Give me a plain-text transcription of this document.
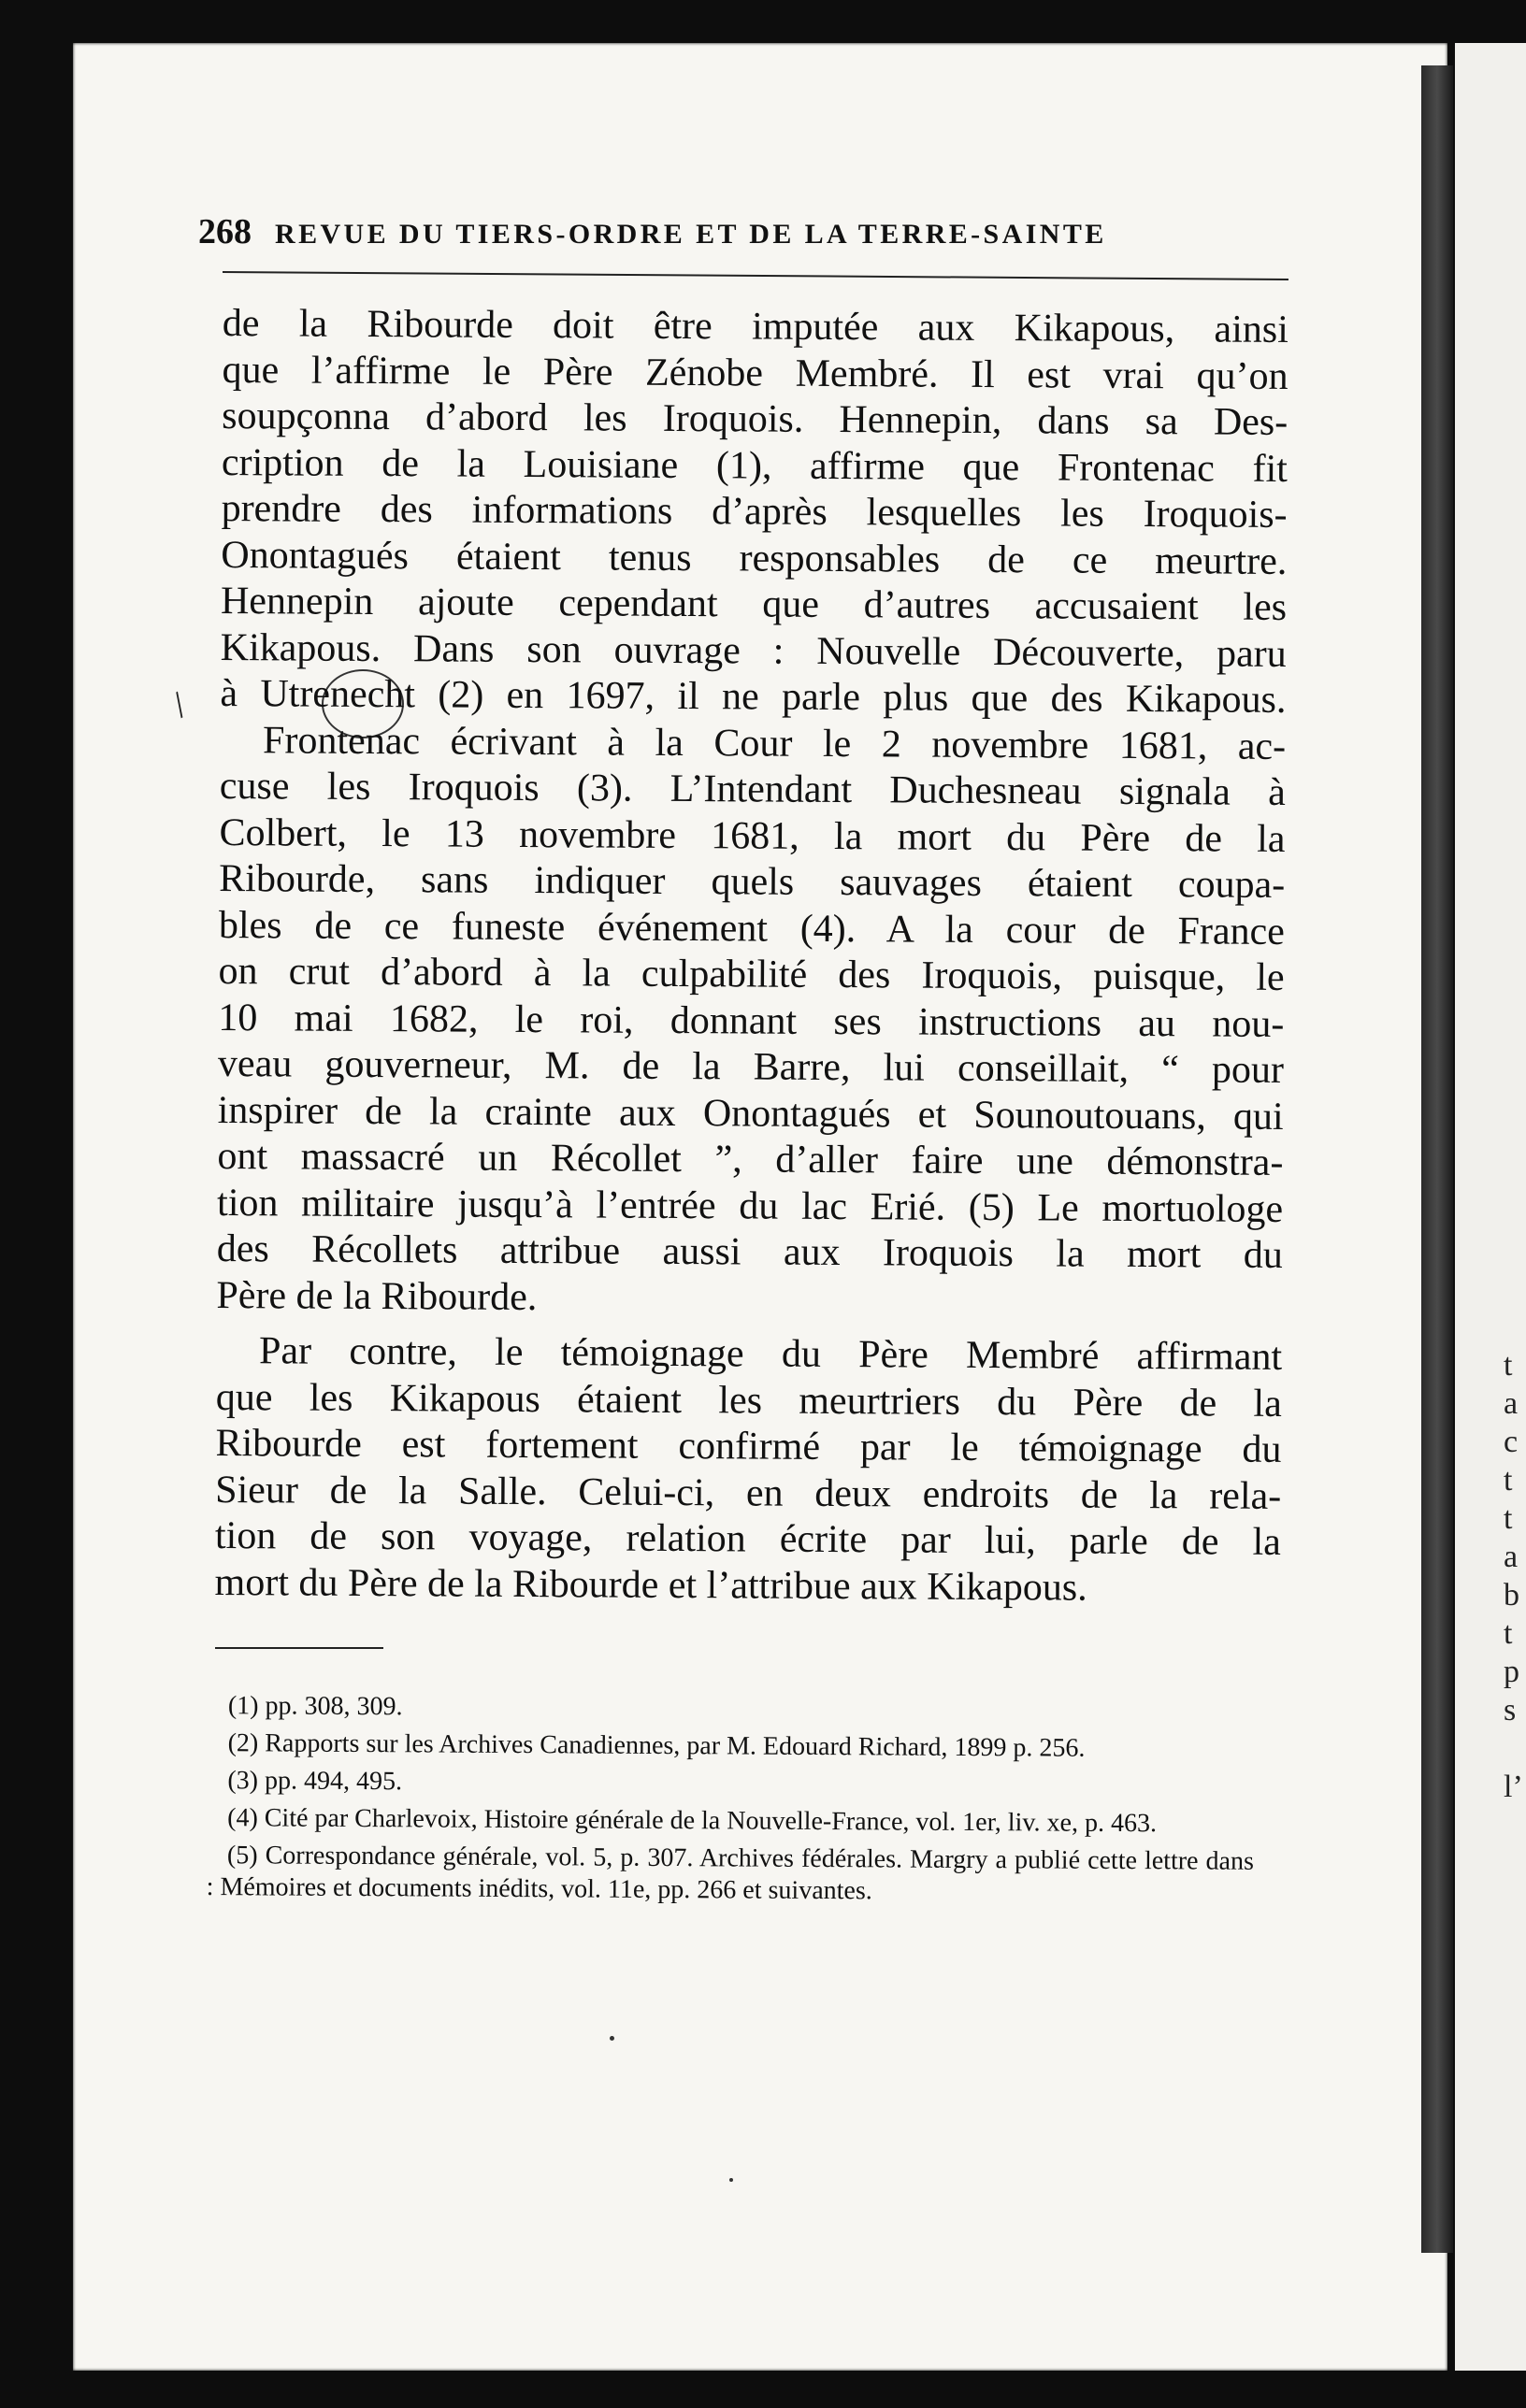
t
a
c
t
t
a
b
t
p
s
l’
268 REVUE DU TIERS-ORDRE ET DE LA TERRE-SAINTE
/
de la Ribourde doit être imputée aux Kikapous, ainsi
que l’affirme le Père Zénobe Membré. Il est vrai qu’on
soupçonna d’abord les Iroquois. Hennepin, dans sa Des-
cription de la Louisiane (1), affirme que Frontenac fit
prendre des informations d’après lesquelles les Iroquois-
Onontagués étaient tenus responsables de ce meurtre.
Hennepin ajoute cependant que d’autres accusaient les
Kikapous. Dans son ouvrage : Nouvelle Découverte, paru
à Utrenecht (2) en 1697, il ne parle plus que des Kikapous.
Frontenac écrivant à la Cour le 2 novembre 1681, ac-
cuse les Iroquois (3). L’Intendant Duchesneau signala à
Colbert, le 13 novembre 1681, la mort du Père de la
Ribourde, sans indiquer quels sauvages étaient coupa-
bles de ce funeste événement (4). A la cour de France
on crut d’abord à la culpabilité des Iroquois, puisque, le
10 mai 1682, le roi, donnant ses instructions au nou-
veau gouverneur, M. de la Barre, lui conseillait, “ pour
inspirer de la crainte aux Onontagués et Sounoutouans, qui
ont massacré un Récollet ”, d’aller faire une démonstra-
tion militaire jusqu’à l’entrée du lac Erié. (5) Le mortuologe
des Récollets attribue aussi aux Iroquois la mort du
Père de la Ribourde.
Par contre, le témoignage du Père Membré affirmant
que les Kikapous étaient les meurtriers du Père de la
Ribourde est fortement confirmé par le témoignage du
Sieur de la Salle. Celui-ci, en deux endroits de la rela-
tion de son voyage, relation écrite par lui, parle de la
mort du Père de la Ribourde et l’attribue aux Kikapous.
(1) pp. 308, 309.
(2) Rapports sur les Archives Canadiennes, par M. Edouard Richard, 1899 p. 256.
(3) pp. 494, 495.
(4) Cité par Charlevoix, Histoire générale de la Nouvelle-France, vol. 1er, liv. xe, p. 463.
(5) Correspondance générale, vol. 5, p. 307. Archives fédérales. Margry a publié cette lettre dans : Mémoires et documents inédits, vol. 11e, pp. 266 et suivantes.
